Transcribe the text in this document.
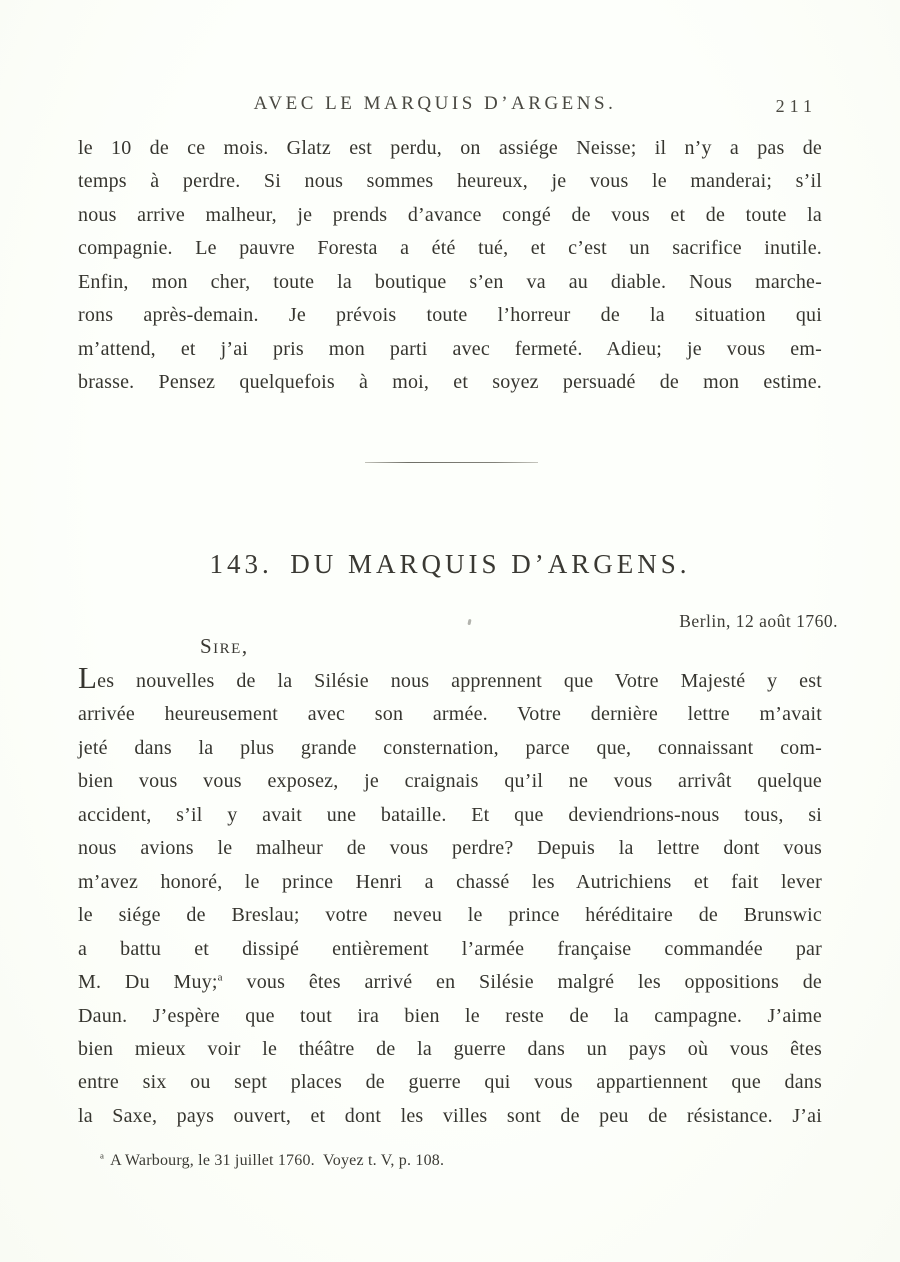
AVEC LE MARQUIS D’ARGENS.	211
le 10 de ce mois. Glatz est perdu, on assiége Neisse; il n’y a pas de
temps à perdre. Si nous sommes heureux, je vous le manderai; s’il
nous arrive malheur, je prends d’avance congé de vous et de toute la
compagnie. Le pauvre Foresta a été tué, et c’est un sacrifice inutile.
Enfin, mon cher, toute la boutique s’en va au diable. Nous marche-
rons après-demain. Je prévois toute l’horreur de la situation qui
m’attend, et j’ai pris mon parti avec fermeté. Adieu; je vous em-
brasse. Pensez quelquefois à moi, et soyez persuadé de mon estime.
143. DU MARQUIS D’ARGENS.
Berlin, 12 août 1760.
Sire,
Les nouvelles de la Silésie nous apprennent que Votre Majesté y est
arrivée heureusement avec son armée. Votre dernière lettre m’avait
jeté dans la plus grande consternation, parce que, connaissant com-
bien vous vous exposez, je craignais qu’il ne vous arrivât quelque
accident, s’il y avait une bataille. Et que deviendrions-nous tous, si
nous avions le malheur de vous perdre? Depuis la lettre dont vous
m’avez honoré, le prince Henri a chassé les Autrichiens et fait lever
le siége de Breslau; votre neveu le prince héréditaire de Brunswic
a battu et dissipé entièrement l’armée française commandée par
M. Du Muy;$^a$ vous êtes arrivé en Silésie malgré les oppositions de
Daun. J’espère que tout ira bien le reste de la campagne. J’aime
bien mieux voir le théâtre de la guerre dans un pays où vous êtes
entre six ou sept places de guerre qui vous appartiennent que dans
la Saxe, pays ouvert, et dont les villes sont de peu de résistance. J’ai
$^a$ A Warbourg, le 31 juillet 1760. Voyez t. V, p. 108.
